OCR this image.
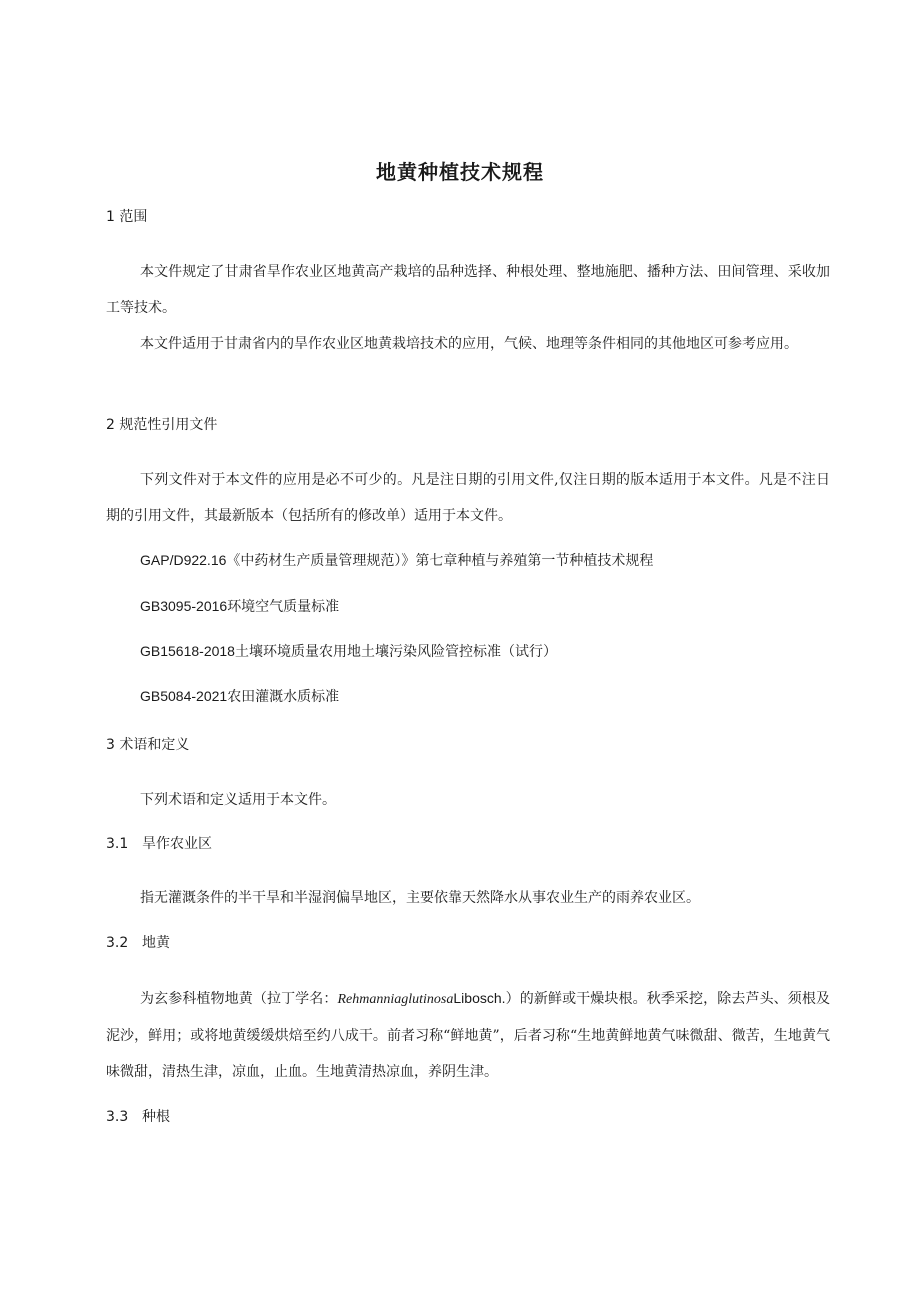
地黄种植技术规程

1 范围

本文件规定了甘肃省旱作农业区地黄高产栽培的品种选择、种根处理、整地施肥、播种方法、田间管理、采收加工等技术。

本文件适用于甘肃省内的旱作农业区地黄栽培技术的应用，气候、地理等条件相同的其他地区可参考应用。

2 规范性引用文件

下列文件对于本文件的应用是必不可少的。凡是注日期的引用文件,仅注日期的版本适用于本文件。凡是不注日期的引用文件，其最新版本（包括所有的修改单）适用于本文件。

GAP/D922.16《中药材生产质量管理规范）》第七章种植与养殖第一节种植技术规程

GB3095-2016环境空气质量标准

GB15618-2018土壤环境质量农用地土壤污染风险管控标准（试行）

GB5084-2021农田灌溉水质标准

3 术语和定义

下列术语和定义适用于本文件。

3.1 旱作农业区

指无灌溉条件的半干旱和半湿润偏旱地区，主要依靠天然降水从事农业生产的雨养农业区。

3.2 地黄

为玄参科植物地黄（拉丁学名：RehmanniaglutinosaLibosch.）的新鲜或干燥块根。秋季采挖，除去芦头、须根及泥沙，鲜用；或将地黄缓缓烘焙至约八成干。前者习称“鲜地黄”，后者习称“生地黄鲜地黄气味微甜、微苦，生地黄气味微甜，清热生津，凉血，止血。生地黄清热凉血，养阴生津。

3.3 种根
